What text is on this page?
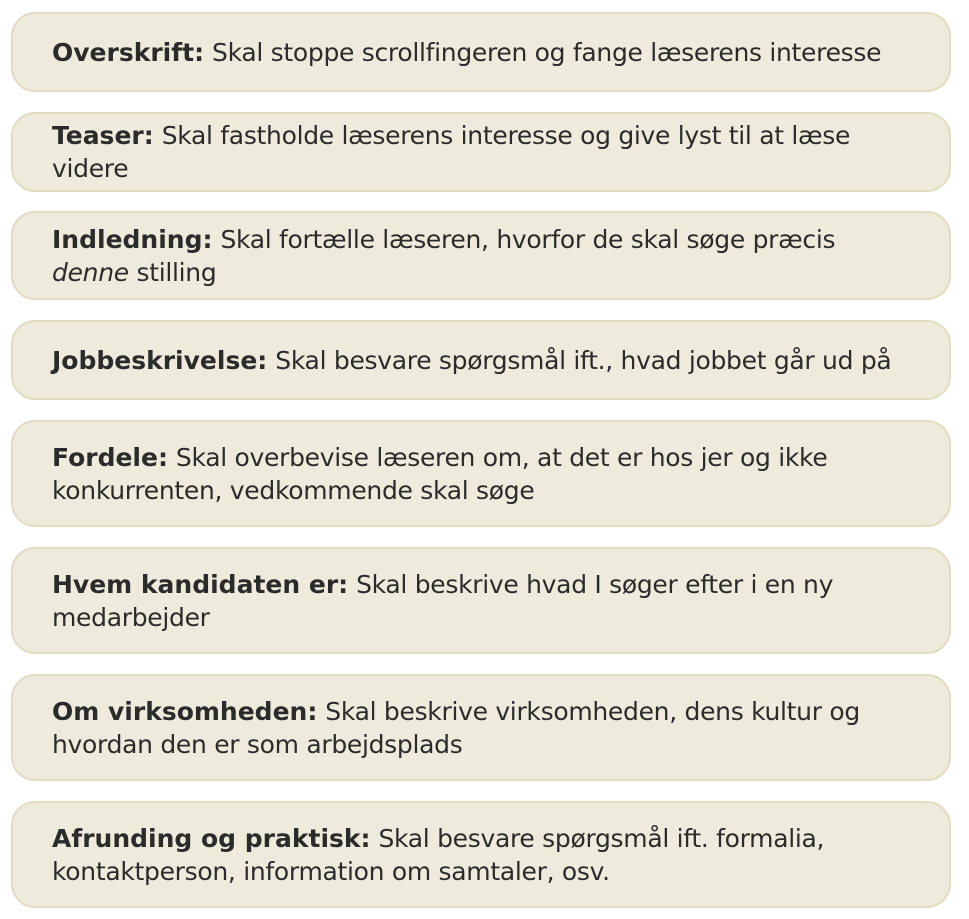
Overskrift: Skal stoppe scrollfingeren og fange læserens interesse

Teaser: Skal fastholde læserens interesse og give lyst til at læse videre

Indledning: Skal fortælle læseren, hvorfor de skal søge præcis denne stilling

Jobbeskrivelse: Skal besvare spørgsmål ift., hvad jobbet går ud på

Fordele: Skal overbevise læseren om, at det er hos jer og ikke konkurrenten, vedkommende skal søge

Hvem kandidaten er: Skal beskrive hvad I søger efter i en ny medarbejder

Om virksomheden: Skal beskrive virksomheden, dens kultur og hvordan den er som arbejdsplads

Afrunding og praktisk: Skal besvare spørgsmål ift. formalia, kontaktperson, information om samtaler, osv.
